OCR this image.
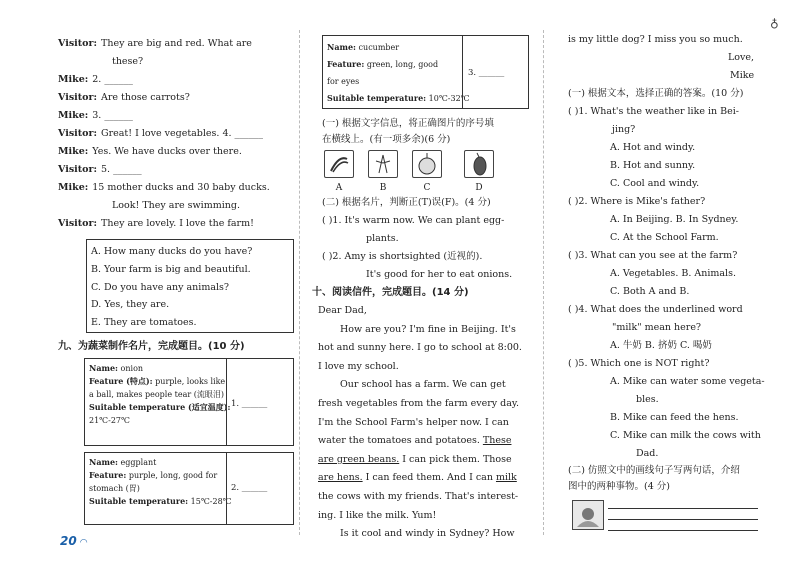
Visitor: They are big and red. What are
these?
Mike: 2. ______
Visitor: Are those carrots?
Mike: 3. ______
Visitor: Great! I love vegetables. 4. ______
Mike: Yes. We have ducks over there.
Visitor: 5. ______
Mike: 15 mother ducks and 30 baby ducks.
Look! They are swimming.
Visitor: They are lovely. I love the farm!
A. How many ducks do you have?
B. Your farm is big and beautiful.
C. Do you have any animals?
D. Yes, they are.
E. They are tomatoes.
九、为蔬菜制作名片，完成题目。(10 分)
Name: onion
Feature (特点): purple, looks like
a ball, makes people tear (流眼泪)
Suitable temperature (适宜温度):
21℃-27℃
1. ______
Name: eggplant
Feature: purple, long, good for
stomach (胃)
Suitable temperature: 15℃-28℃
2. ______
20 ◠
Name: cucumber
Feature: green, long, good
for eyes
Suitable temperature: 10℃-32℃
3. ______
(一) 根据文字信息，将正确图片的序号填
在横线上。(有一项多余)(6 分)
A	B	C	D
(二) 根据名片，判断正(T)误(F)。(4 分)
( )1. It's warm now. We can plant egg-
plants.
( )2. Amy is shortsighted (近视的).
It's good for her to eat onions.
十、阅读信件，完成题目。(14 分)
Dear Dad,
How are you? I'm fine in Beijing. It's
hot and sunny here. I go to school at 8:00.
I love my school.
Our school has a farm. We can get
fresh vegetables from the farm every day.
I'm the School Farm's helper now. I can
water the tomatoes and potatoes. These
are green beans. I can pick them. Those
are hens. I can feed them. And I can milk
the cows with my friends. That's interest-
ing. I like the milk. Yum!
Is it cool and windy in Sydney? How
is my little dog? I miss you so much.
Love,
Mike
(一) 根据文本，选择正确的答案。(10 分)
( )1. What's the weather like in Bei-
jing?
A. Hot and windy.
B. Hot and sunny.
C. Cool and windy.
( )2. Where is Mike's father?
A. In Beijing. B. In Sydney.
C. At the School Farm.
( )3. What can you see at the farm?
A. Vegetables. B. Animals.
C. Both A and B.
( )4. What does the underlined word
"milk" mean here?
A. 牛奶 B. 挤奶 C. 喝奶
( )5. Which one is NOT right?
A. Mike can water some vegeta-
bles.
B. Mike can feed the hens.
C. Mike can milk the cows with
Dad.
(二) 仿照文中的画线句子写两句话，介绍
图中的两种事物。(4 分)
♁
